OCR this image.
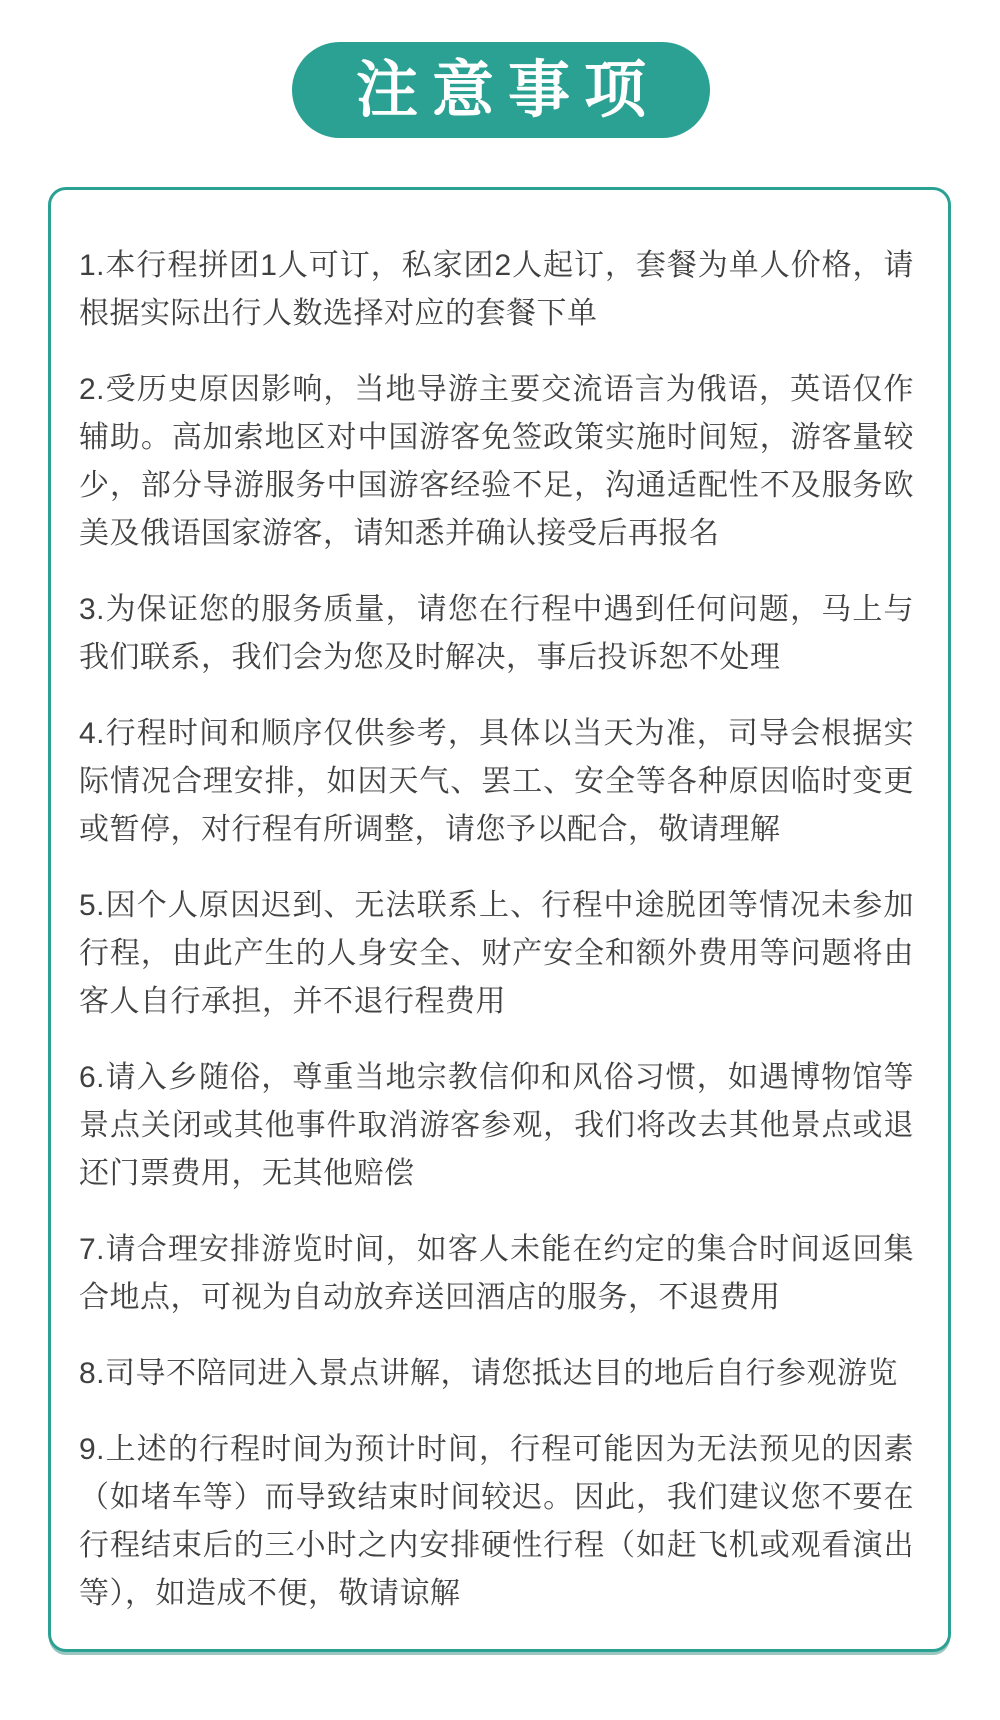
注意事项

1.本行程拼团1人可订，私家团2人起订，套餐为单人价格，请根据实际出行人数选择对应的套餐下单

2.受历史原因影响，当地导游主要交流语言为俄语，英语仅作辅助。高加索地区对中国游客免签政策实施时间短，游客量较少，部分导游服务中国游客经验不足，沟通适配性不及服务欧美及俄语国家游客，请知悉并确认接受后再报名

3.为保证您的服务质量，请您在行程中遇到任何问题，马上与我们联系，我们会为您及时解决，事后投诉恕不处理

4.行程时间和顺序仅供参考，具体以当天为准，司导会根据实际情况合理安排，如因天气、罢工、安全等各种原因临时变更或暂停，对行程有所调整，请您予以配合，敬请理解

5.因个人原因迟到、无法联系上、行程中途脱团等情况未参加行程，由此产生的人身安全、财产安全和额外费用等问题将由客人自行承担，并不退行程费用

6.请入乡随俗，尊重当地宗教信仰和风俗习惯，如遇博物馆等景点关闭或其他事件取消游客参观，我们将改去其他景点或退还门票费用，无其他赔偿

7.请合理安排游览时间，如客人未能在约定的集合时间返回集合地点，可视为自动放弃送回酒店的服务，不退费用

8.司导不陪同进入景点讲解，请您抵达目的地后自行参观游览

9.上述的行程时间为预计时间，行程可能因为无法预见的因素（如堵车等）而导致结束时间较迟。因此，我们建议您不要在行程结束后的三小时之内安排硬性行程（如赶飞机或观看演出等），如造成不便，敬请谅解
